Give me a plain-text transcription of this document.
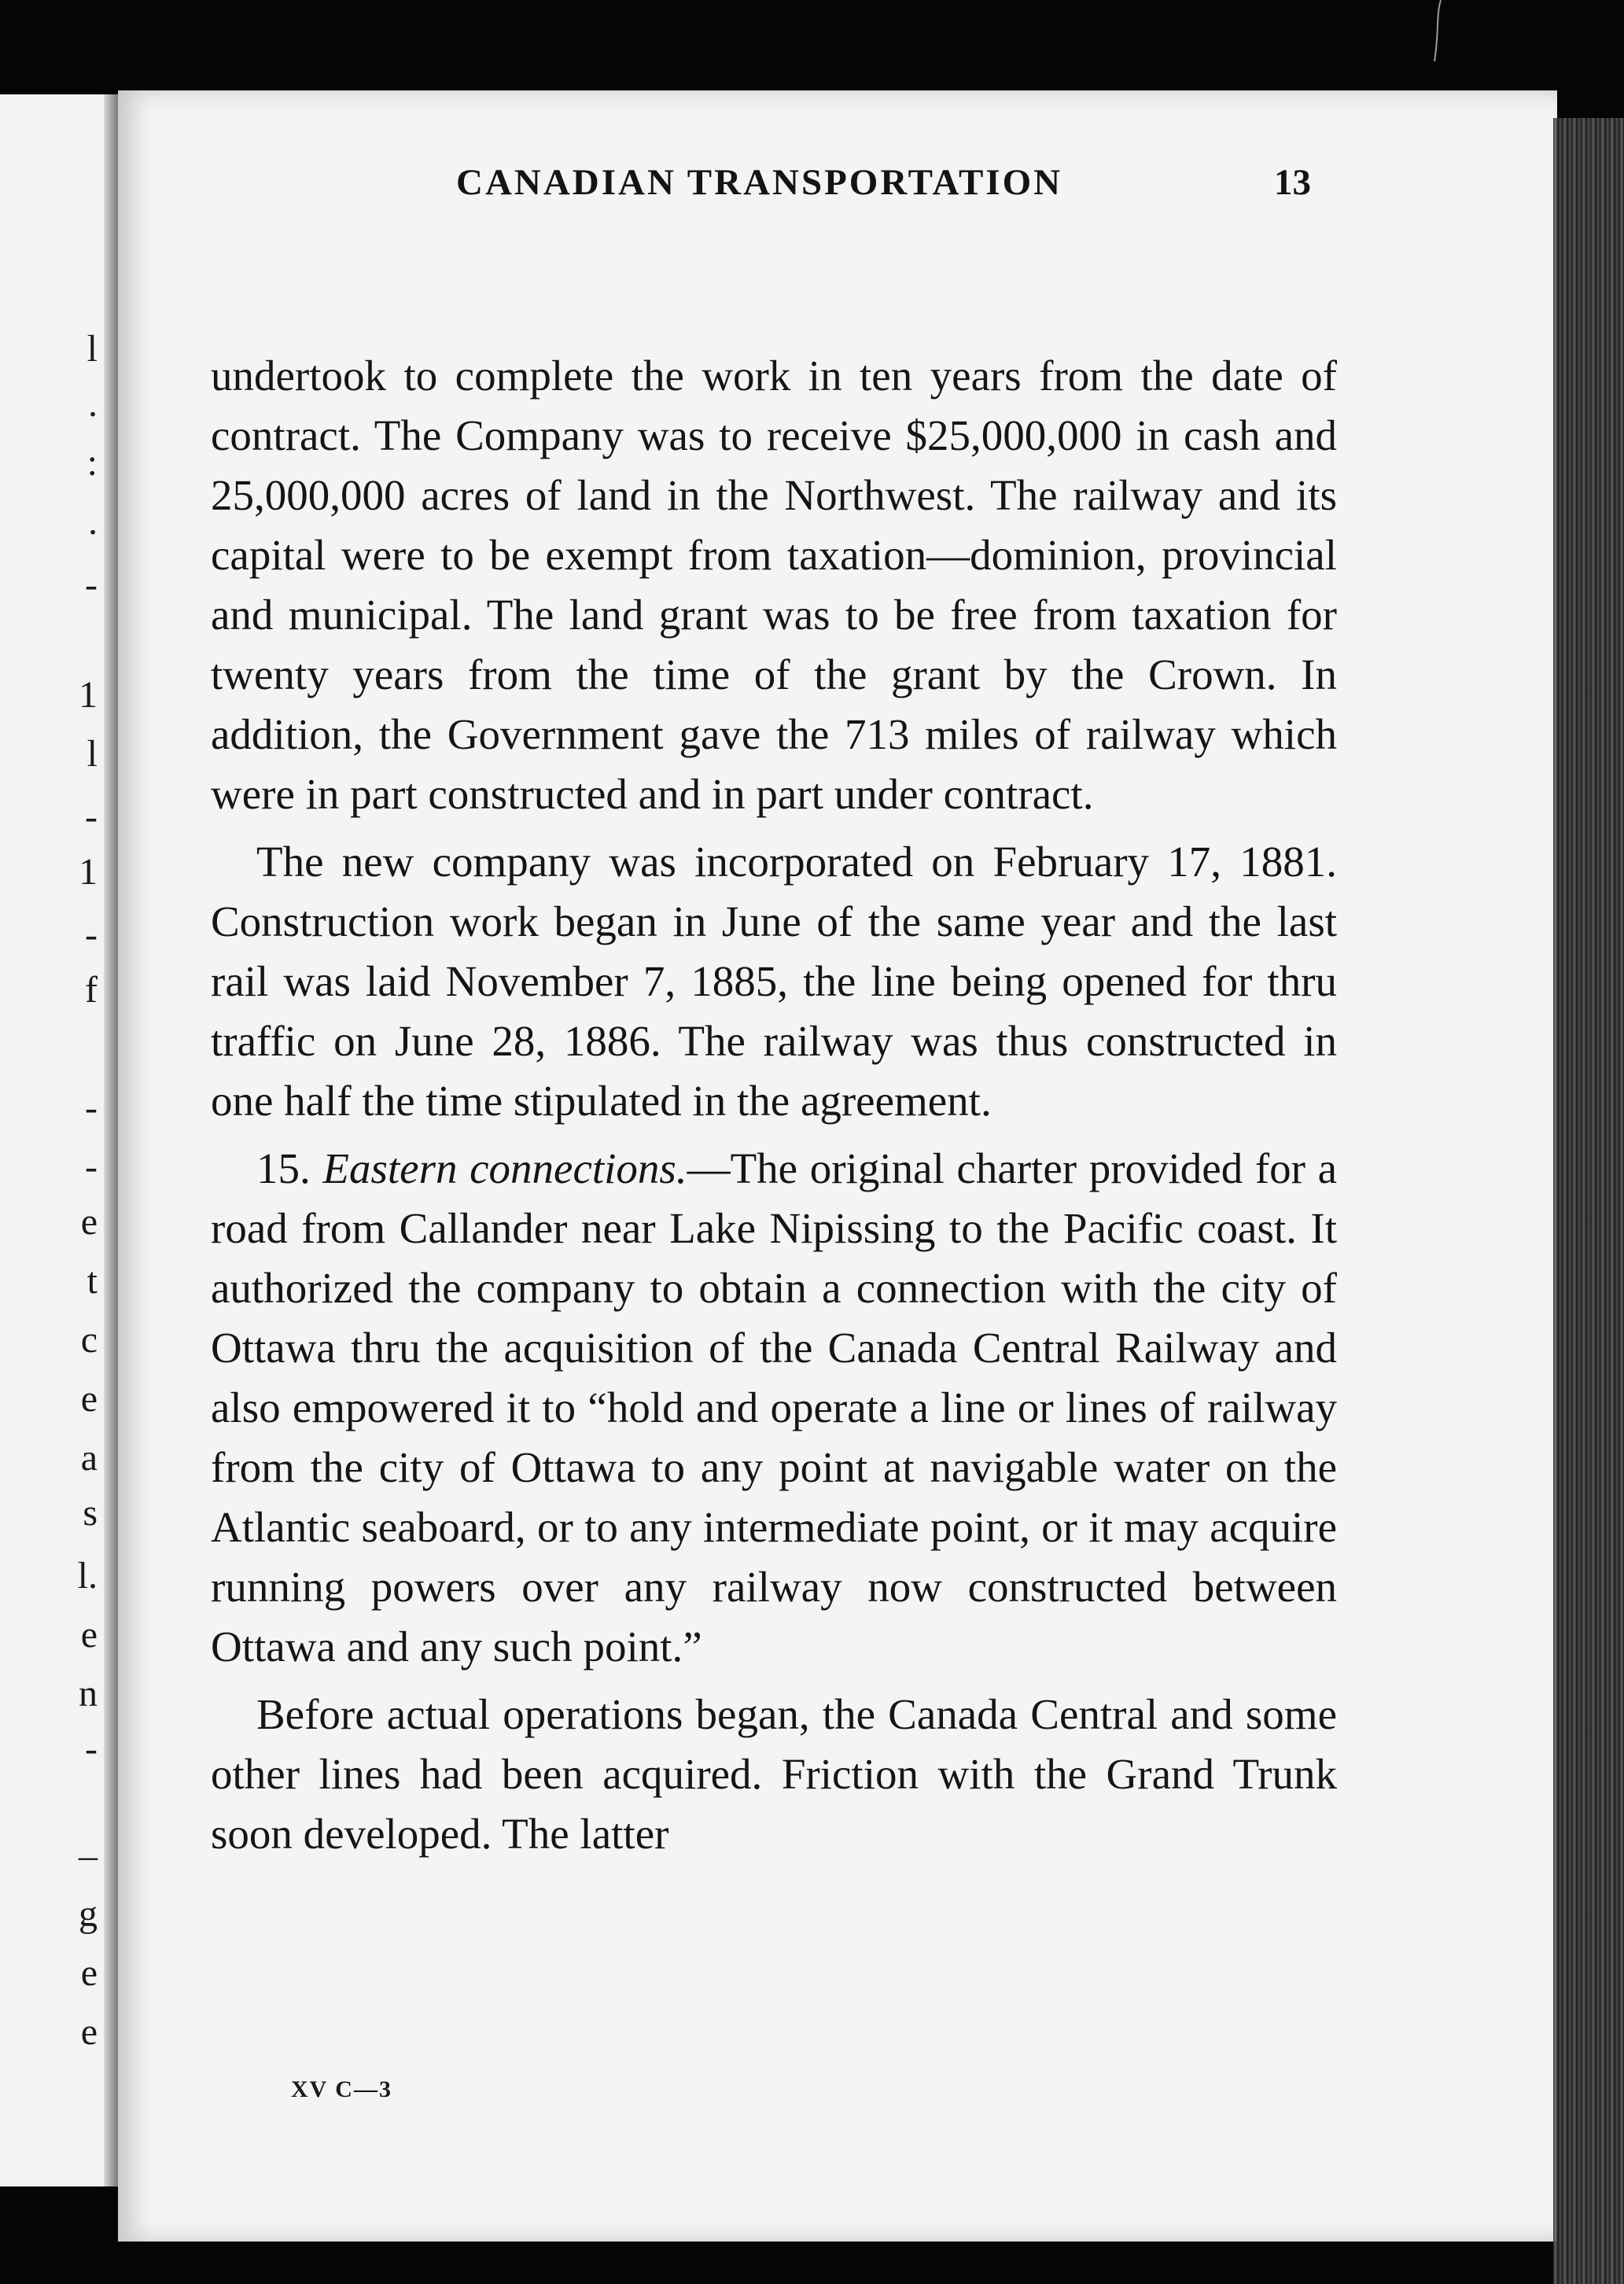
l
.
:
.
-
1
l
-
1
-
f
-
-
e
t
c
e
a
s
l.
e
n
-
_
g
e
e
CANADIAN TRANSPORTATION	13

undertook to complete the work in ten years from the date of contract. The Company was to receive $25,000,000 in cash and 25,000,000 acres of land in the Northwest. The railway and its capital were to be exempt from taxation—dominion, provincial and municipal. The land grant was to be free from taxation for twenty years from the time of the grant by the Crown. In addition, the Government gave the 713 miles of railway which were in part constructed and in part under contract.

The new company was incorporated on February 17, 1881. Construction work began in June of the same year and the last rail was laid November 7, 1885, the line being opened for thru traffic on June 28, 1886. The railway was thus constructed in one half the time stipulated in the agreement.

15. Eastern connections.—The original charter provided for a road from Callander near Lake Nipissing to the Pacific coast. It authorized the company to obtain a connection with the city of Ottawa thru the acquisition of the Canada Central Railway and also empowered it to “hold and operate a line or lines of railway from the city of Ottawa to any point at navigable water on the Atlantic seaboard, or to any intermediate point, or it may acquire running powers over any railway now constructed between Ottawa and any such point.”

Before actual operations began, the Canada Central and some other lines had been acquired. Friction with the Grand Trunk soon developed. The latter

XV C—3
